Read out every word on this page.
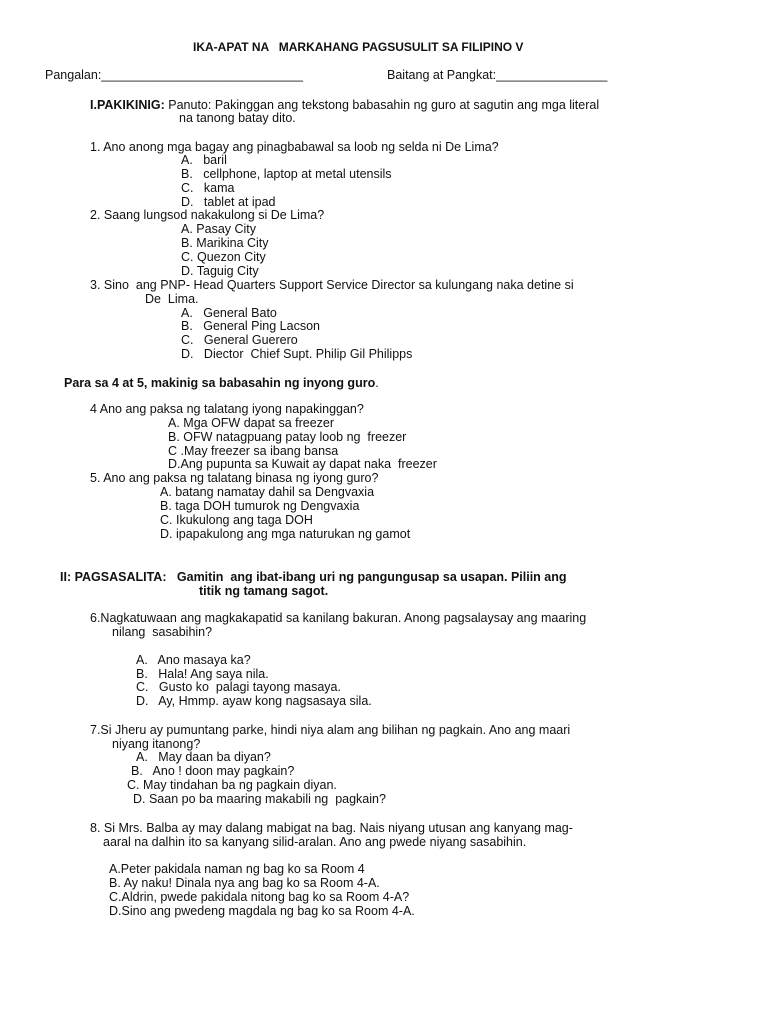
IKA-APAT NA   MARKAHANG PAGSUSULIT SA FILIPINO V
Pangalan:_____________________________	Baitang at Pangkat:________________
I.PAKIKINIG: Panuto: Pakinggan ang tekstong babasahin ng guro at sagutin ang mga literal
na tanong batay dito.
1. Ano anong mga bagay ang pinagbabawal sa loob ng selda ni De Lima?
A.   baril
B.   cellphone, laptop at metal utensils
C.   kama
D.   tablet at ipad
2. Saang lungsod nakakulong si De Lima?
A. Pasay City
B. Marikina City
C. Quezon City
D. Taguig City
3. Sino  ang PNP- Head Quarters Support Service Director sa kulungang naka detine si
De  Lima.
A.   General Bato
B.   General Ping Lacson
C.   General Guerero
D.   Diector  Chief Supt. Philip Gil Philipps
Para sa 4 at 5, makinig sa babasahin ng inyong guro.
4 Ano ang paksa ng talatang iyong napakinggan?
A. Mga OFW dapat sa freezer
B. OFW natagpuang patay loob ng  freezer
C .May freezer sa ibang bansa
D.Ang pupunta sa Kuwait ay dapat naka  freezer
5. Ano ang paksa ng talatang binasa ng iyong guro?
A. batang namatay dahil sa Dengvaxia
B. taga DOH tumurok ng Dengvaxia
C. Ikukulong ang taga DOH
D. ipapakulong ang mga naturukan ng gamot
II: PAGSASALITA:   Gamitin  ang ibat-ibang uri ng pangungusap sa usapan. Piliin ang
titik ng tamang sagot.
6.Nagkatuwaan ang magkakapatid sa kanilang bakuran. Anong pagsalaysay ang maaring
nilang  sasabihin?
A.   Ano masaya ka?
B.   Hala! Ang saya nila.
C.   Gusto ko  palagi tayong masaya.
D.   Ay, Hmmp. ayaw kong nagsasaya sila.
7.Si Jheru ay pumuntang parke, hindi niya alam ang bilihan ng pagkain. Ano ang maari
niyang itanong?
A.   May daan ba diyan?
B.   Ano ! doon may pagkain?
C. May tindahan ba ng pagkain diyan.
D. Saan po ba maaring makabili ng  pagkain?
8. Si Mrs. Balba ay may dalang mabigat na bag. Nais niyang utusan ang kanyang mag-
aaral na dalhin ito sa kanyang silid-aralan. Ano ang pwede niyang sasabihin.
A.Peter pakidala naman ng bag ko sa Room 4
B. Ay naku! Dinala nya ang bag ko sa Room 4-A.
C.Aldrin, pwede pakidala nitong bag ko sa Room 4-A?
D.Sino ang pwedeng magdala ng bag ko sa Room 4-A.
